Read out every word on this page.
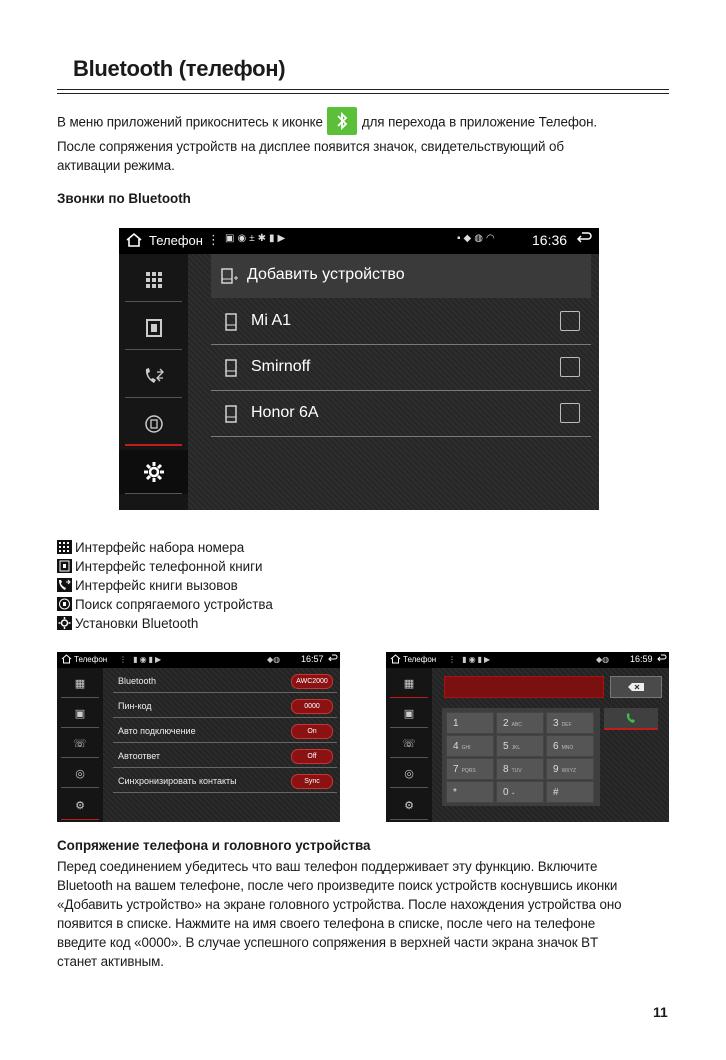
Bluetooth (телефон)
В меню приложений прикоснитесь к иконке	для перехода в приложение Телефон.
После сопряжения устройств на дисплее появится значок, свидетельствующий об
активации режима.
Звонки по Bluetooth
Телефон ⋮ ▣◉±✱▮▶	▪◆◍◠ 16:36
Добавить устройство
Mi A1
Smirnoff
Honor 6A
Интерфейс набора номера
Интерфейс телефонной книги
Интерфейс книги вызовов
Поиск сопрягаемого устройства
Установки Bluetooth
Телефон ⋮ ▮◉▮▶	◆◍ 16:57
▦
▣
☏
◎
⚙
Bluetooth	AWC2000
Пин-код	0000
Авто подключение	On
Автоответ	Off
Синхронизировать контакты	Sync
Телефон ⋮ ▮◉▮▶	◆◍ 16:59
▦
▣
☏
◎
⚙
1	2 ABC	3 DEF
4 GHI	5 JKL	6 MNO
7 PQRS	8 TUV	9 WXYZ
*	0 +	#
Сопряжение телефона и головного устройства
Перед соединением убедитесь что ваш телефон поддерживает эту функцию. Включите
Bluetooth на вашем телефоне, после чего произведите поиск устройств коснувшись иконки
«Добавить устройство» на экране головного устройства. После нахождения устройства оно
появится в списке. Нажмите на имя своего телефона в списке, после чего на телефоне
введите код «0000». В случае успешного сопряжения в верхней части экрана значок BT
станет активным.
11
